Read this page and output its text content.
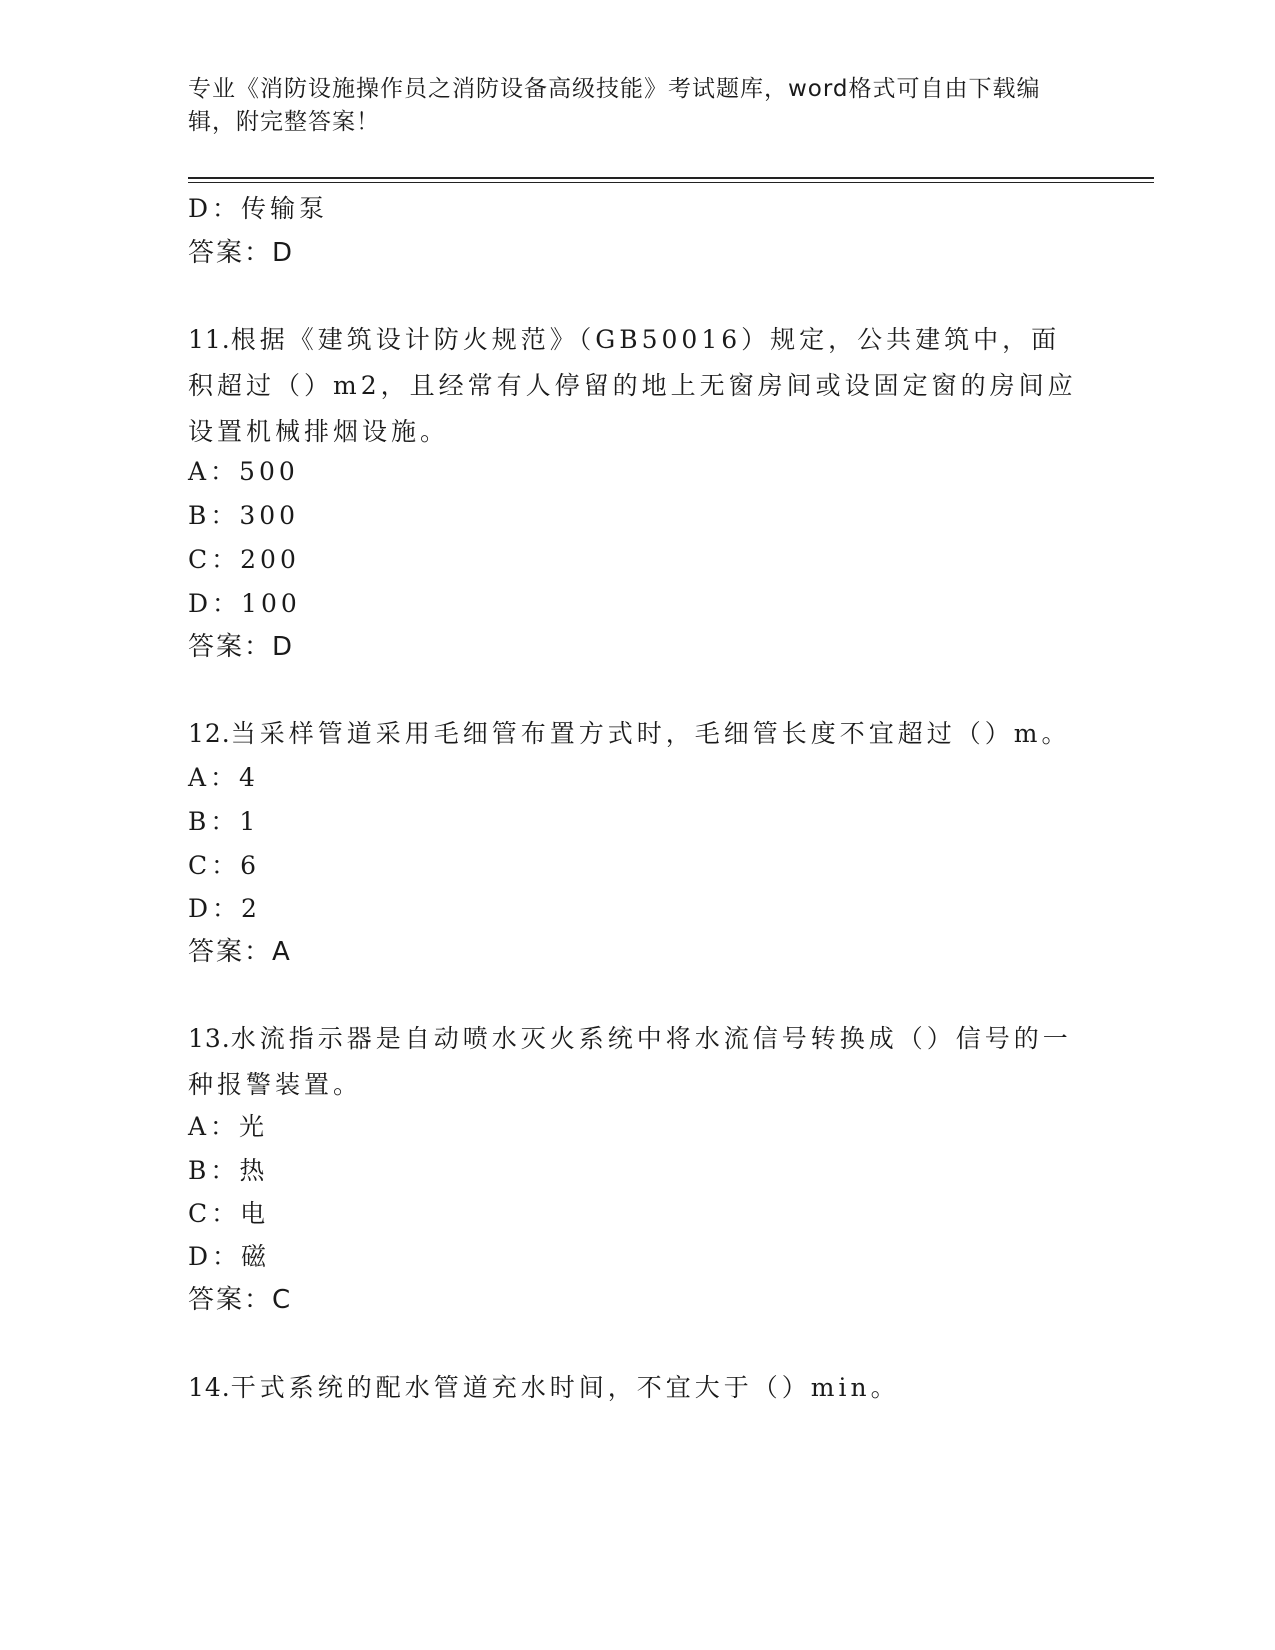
专业《消防设施操作员之消防设备高级技能》考试题库，word格式可自由下载编辑，附完整答案！
D：传输泵
答案：D
11.根据《建筑设计防火规范》（GB50016）规定，公共建筑中，面积超过（）m2，且经常有人停留的地上无窗房间或设固定窗的房间应设置机械排烟设施。
A：500
B：300
C：200
D：100
答案：D
12.当采样管道采用毛细管布置方式时，毛细管长度不宜超过（）m。
A：4
B：1
C：6
D：2
答案：A
13.水流指示器是自动喷水灭火系统中将水流信号转换成（）信号的一种报警装置。
A：光
B：热
C：电
D：磁
答案：C
14.干式系统的配水管道充水时间，不宜大于（）min。
